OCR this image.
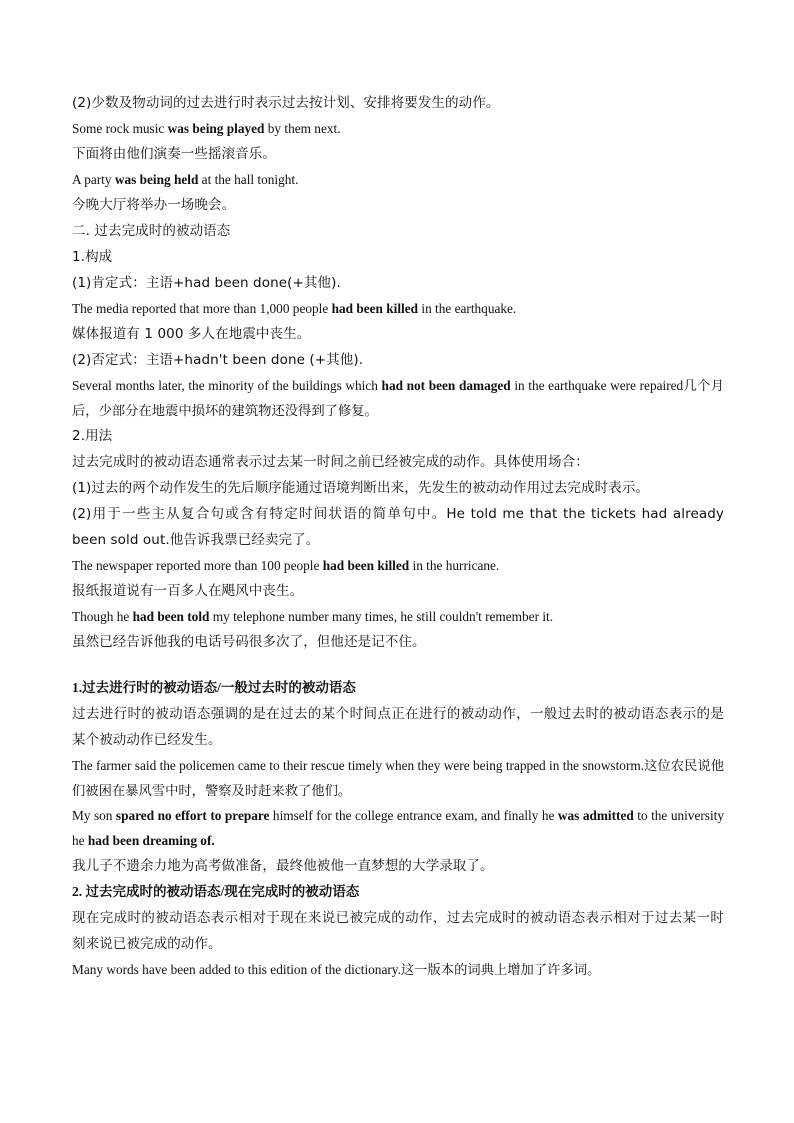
(2)少数及物动词的过去进行时表示过去按计划、安排将要发生的动作。

Some rock music was being played by them next.

下面将由他们演奏一些摇滚音乐。

A party was being held at the hall tonight.

今晚大厅将举办一场晚会。

二. 过去完成时的被动语态

1.构成

(1)肯定式：主语+had been done(+其他).

The media reported that more than 1,000 people had been killed in the earthquake.

媒体报道有 1 000 多人在地震中丧生。

(2)否定式：主语+hadn't been done (+其他).

Several months later, the minority of the buildings which had not been damaged in the earthquake were repaired几个月后，少部分在地震中损坏的建筑物还没得到了修复。

2.用法

过去完成时的被动语态通常表示过去某一时间之前已经被完成的动作。具体使用场合：

(1)过去的两个动作发生的先后顺序能通过语境判断出来，先发生的被动动作用过去完成时表示。

(2)用于一些主从复合句或含有特定时间状语的简单句中。He told me that the tickets had already been sold out.他告诉我票已经卖完了。

The newspaper reported more than 100 people had been killed in the hurricane.

报纸报道说有一百多人在飓风中丧生。

Though he had been told my telephone number many times, he still couldn't remember it.

虽然已经告诉他我的电话号码很多次了，但他还是记不住。

1.过去进行时的被动语态/一般过去时的被动语态

过去进行时的被动语态强调的是在过去的某个时间点正在进行的被动动作，一般过去时的被动语态表示的是某个被动动作已经发生。

The farmer said the policemen came to their rescue timely when they were being trapped in the snowstorm.这位农民说他们被困在暴风雪中时，警察及时赶来救了他们。

My son spared no effort to prepare himself for the college entrance exam, and finally he was admitted to the university he had been dreaming of.

我儿子不遗余力地为高考做准备，最终他被他一直梦想的大学录取了。

2. 过去完成时的被动语态/现在完成时的被动语态

现在完成时的被动语态表示相对于现在来说已被完成的动作，过去完成时的被动语态表示相对于过去某一时刻来说已被完成的动作。

Many words have been added to this edition of the dictionary.这一版本的词典上增加了许多词。
